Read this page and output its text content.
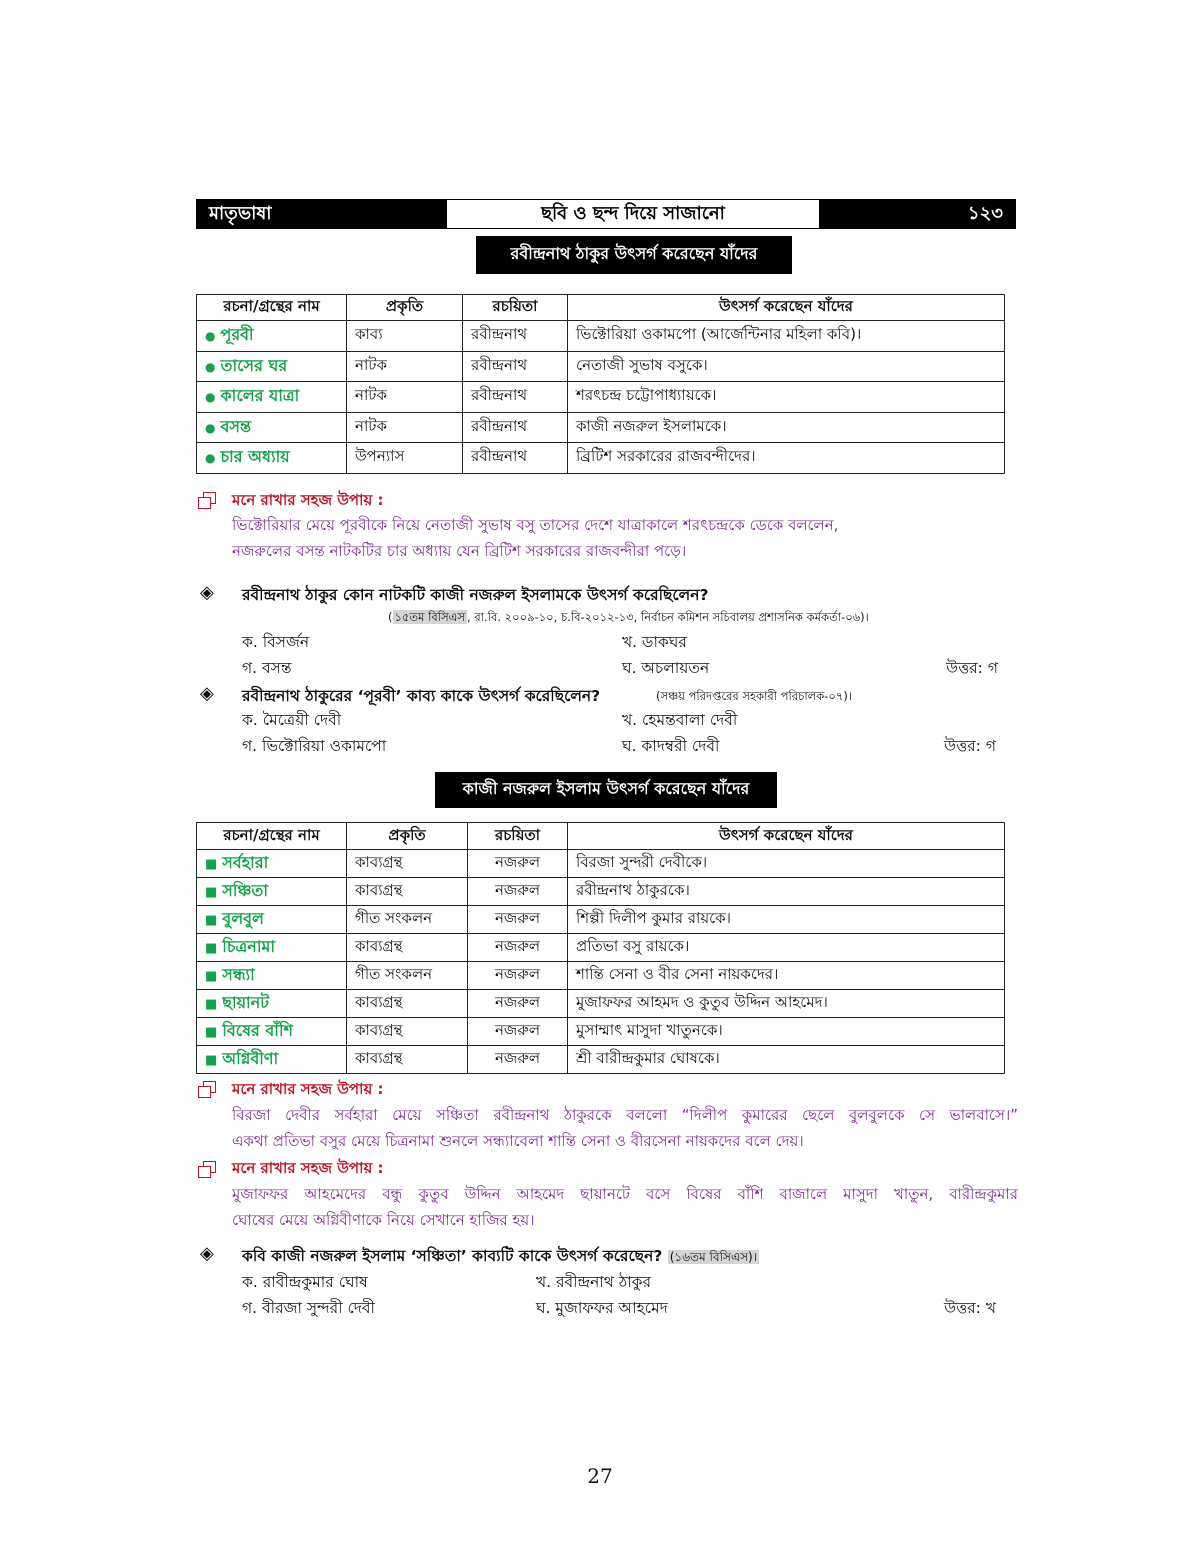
মাতৃভাষা	ছবি ও ছন্দ দিয়ে সাজানো	১২৩
রবীন্দ্রনাথ ঠাকুর উৎসর্গ করেছেন যাঁদের
রচনা/গ্রন্থের নাম	প্রকৃতি	রচয়িতা	উৎসর্গ করেছেন যাঁদের
● পূরবী	কাব্য	রবীন্দ্রনাথ	ভিক্টোরিয়া ওকামপো (আর্জেন্টিনার মহিলা কবি)।
● তাসের ঘর	নাটক	রবীন্দ্রনাথ	নেতাজী সুভাষ বসুকে।
● কালের যাত্রা	নাটক	রবীন্দ্রনাথ	শরৎচন্দ্র চট্টোপাধ্যায়কে।
● বসন্ত	নাটক	রবীন্দ্রনাথ	কাজী নজরুল ইসলামকে।
● চার অধ্যায়	উপন্যাস	রবীন্দ্রনাথ	ব্রিটিশ সরকারের রাজবন্দীদের।
মনে রাখার সহজ উপায় :
ভিক্টোরিয়ার মেয়ে পূরবীকে নিয়ে নেতাজী সুভাষ বসু তাসের দেশে যাত্রাকালে শরৎচন্দ্রকে ডেকে বললেন,
নজরুলের বসন্ত নাটকটির চার অধ্যায় যেন ব্রিটিশ সরকারের রাজবন্দীরা পড়ে।
◈ রবীন্দ্রনাথ ঠাকুর কোন নাটকটি কাজী নজরুল ইসলামকে উৎসর্গ করেছিলেন?
( ১৫তম বিসিএস , রা.বি. ২০০৯-১০, চ.বি-২০১২-১৩, নির্বাচন কমিশন সচিবালয় প্রশাসনিক কর্মকর্তা-০৬)।
ক. বিসর্জন	খ. ডাকঘর
গ. বসন্ত	ঘ. অচলায়তন	উত্তর: গ
◈ রবীন্দ্রনাথ ঠাকুরের ‘পূরবী’ কাব্য কাকে উৎসর্গ করেছিলেন?	(সঞ্চয় পরিদপ্তরের সহকারী পরিচালক-০৭)।
ক. মৈত্রেয়ী দেবী	খ. হেমন্তবালা দেবী
গ. ভিক্টোরিয়া ওকামপো	ঘ. কাদম্বরী দেবী	উত্তর: গ
কাজী নজরুল ইসলাম উৎসর্গ করেছেন যাঁদের
রচনা/গ্রন্থের নাম	প্রকৃতি	রচয়িতা	উৎসর্গ করেছেন যাঁদের
■ সর্বহারা	কাব্যগ্রন্থ	নজরুল	বিরজা সুন্দরী দেবীকে।
■ সঞ্চিতা	কাব্যগ্রন্থ	নজরুল	রবীন্দ্রনাথ ঠাকুরকে।
■ বুলবুল	গীত সংকলন	নজরুল	শিল্পী দিলীপ কুমার রায়কে।
■ চিত্রনামা	কাব্যগ্রন্থ	নজরুল	প্রতিভা বসু রায়কে।
■ সন্ধ্যা	গীত সংকলন	নজরুল	শান্তি সেনা ও বীর সেনা নায়কদের।
■ ছায়ানট	কাব্যগ্রন্থ	নজরুল	মুজাফফর আহমদ ও কুতুব উদ্দিন আহমেদ।
■ বিষের বাঁশি	কাব্যগ্রন্থ	নজরুল	মুসাম্মাৎ মাসুদা খাতুনকে।
■ অগ্নিবীণা	কাব্যগ্রন্থ	নজরুল	শ্রী বারীন্দ্রকুমার ঘোষকে।
মনে রাখার সহজ উপায় :
বিরজা দেবীর সর্বহারা মেয়ে সঞ্চিতা রবীন্দ্রনাথ ঠাকুরকে বললো “দিলীপ কুমারের ছেলে বুলবুলকে সে ভালবাসে।”
একথা প্রতিভা বসুর মেয়ে চিত্রনামা শুনলে সন্ধ্যাবেলা শান্তি সেনা ও বীরসেনা নায়কদের বলে দেয়।
মনে রাখার সহজ উপায় :
মুজাফফর আহমেদের বন্ধু কুতুব উদ্দিন আহমেদ ছায়ানটে বসে বিষের বাঁশি বাজালে মাসুদা খাতুন, বারীন্দ্রকুমার
ঘোষের মেয়ে অগ্নিবীণাকে নিয়ে সেখানে হাজির হয়।
◈ কবি কাজী নজরুল ইসলাম ‘সঞ্চিতা’ কাব্যটি কাকে উৎসর্গ করেছেন? (১৬তম বিসিএস)।
ক. রাবীন্দ্রকুমার ঘোষ	খ. রবীন্দ্রনাথ ঠাকুর
গ. বীরজা সুন্দরী দেবী	ঘ. মুজাফফর আহমেদ	উত্তর: খ
27
